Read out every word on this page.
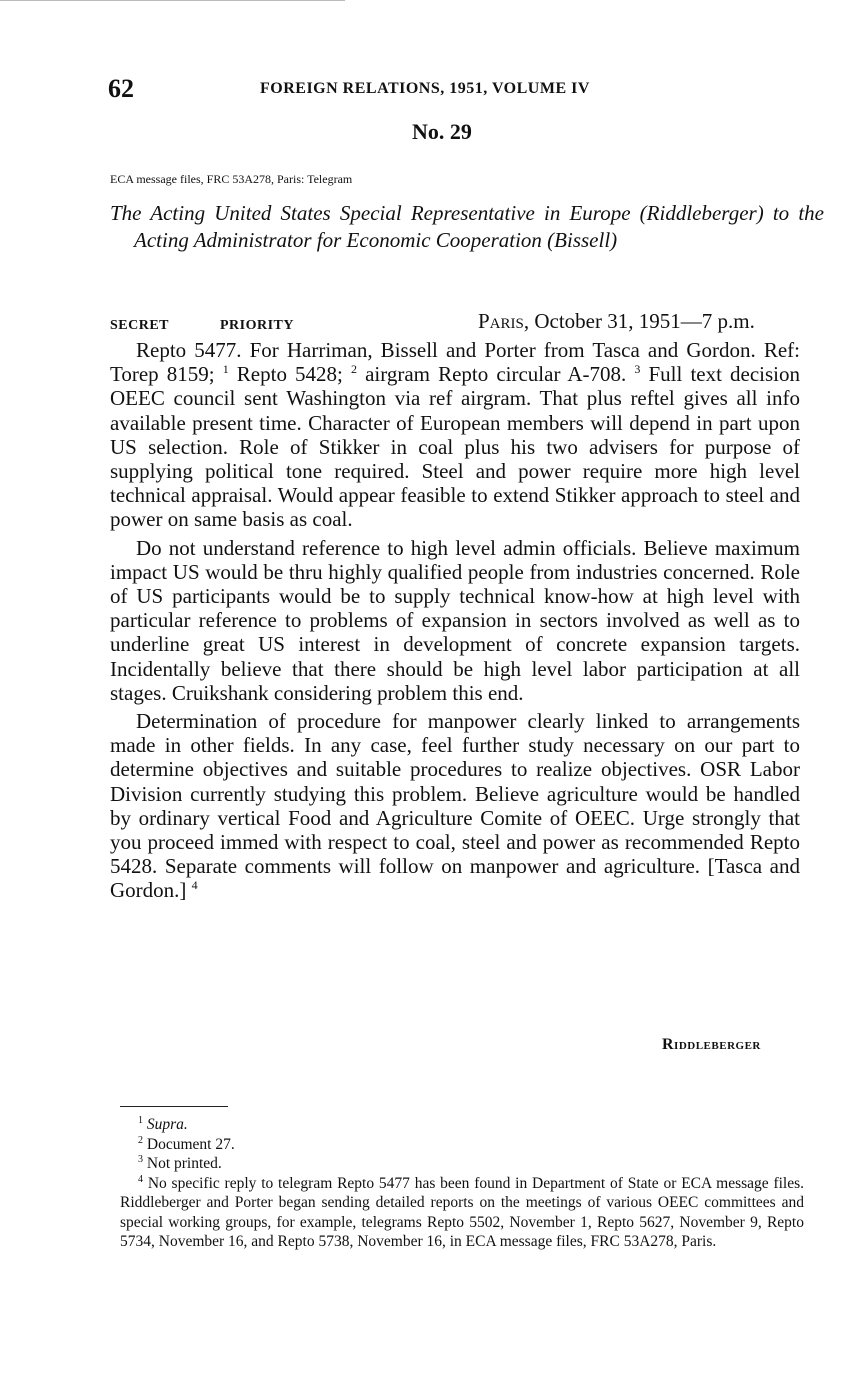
62	FOREIGN RELATIONS, 1951, VOLUME IV
No. 29
ECA message files, FRC 53A278, Paris: Telegram
The Acting United States Special Representative in Europe (Riddleberger) to the Acting Administrator for Economic Cooperation (Bissell)
SECRET	PRIORITY	Paris, October 31, 1951—7 p.m.

Repto 5477. For Harriman, Bissell and Porter from Tasca and Gordon. Ref: Torep 8159; $^1$ Repto 5428; $^2$ airgram Repto circular A-708. $^3$ Full text decision OEEC council sent Washington via ref airgram. That plus reftel gives all info available present time. Character of European members will depend in part upon US selection. Role of Stikker in coal plus his two advisers for purpose of supplying political tone required. Steel and power require more high level technical appraisal. Would appear feasible to extend Stikker approach to steel and power on same basis as coal.

Do not understand reference to high level admin officials. Believe maximum impact US would be thru highly qualified people from industries concerned. Role of US participants would be to supply technical know-how at high level with particular reference to problems of expansion in sectors involved as well as to underline great US interest in development of concrete expansion targets. Incidentally believe that there should be high level labor participation at all stages. Cruikshank considering problem this end.

Determination of procedure for manpower clearly linked to arrangements made in other fields. In any case, feel further study necessary on our part to determine objectives and suitable procedures to realize objectives. OSR Labor Division currently studying this problem. Believe agriculture would be handled by ordinary vertical Food and Agriculture Comite of OEEC. Urge strongly that you proceed immed with respect to coal, steel and power as recommended Repto 5428. Separate comments will follow on manpower and agriculture. [Tasca and Gordon.] $^4$

Riddleberger

$^1$ Supra.

$^2$ Document 27.

$^3$ Not printed.

$^4$ No specific reply to telegram Repto 5477 has been found in Department of State or ECA message files. Riddleberger and Porter began sending detailed reports on the meetings of various OEEC committees and special working groups, for example, telegrams Repto 5502, November 1, Repto 5627, November 9, Repto 5734, November 16, and Repto 5738, November 16, in ECA message files, FRC 53A278, Paris.
